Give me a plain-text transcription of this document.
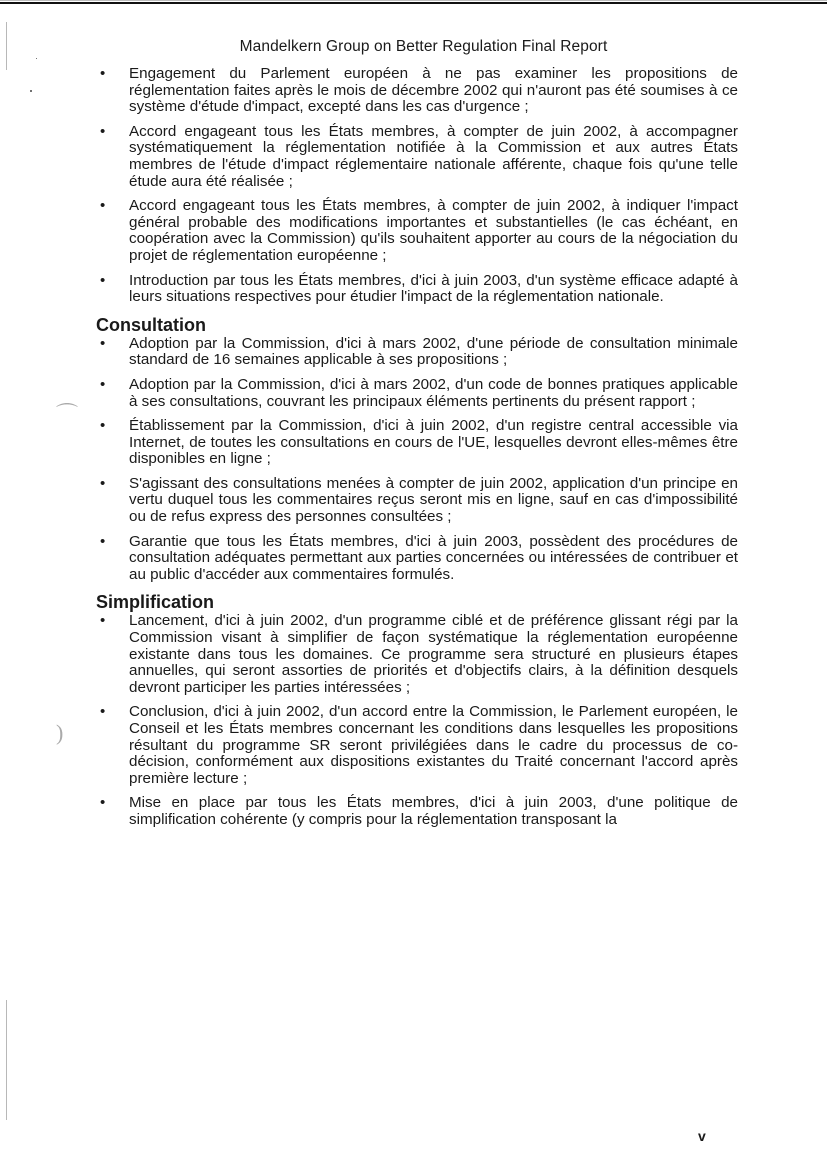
⌒
)
Mandelkern Group on Better Regulation Final Report
• Engagement du Parlement européen à ne pas examiner les propositions de réglementation faites après le mois de décembre 2002 qui n'auront pas été soumises à ce système d'étude d'impact, excepté dans les cas d'urgence ;
• Accord engageant tous les États membres, à compter de juin 2002, à accompagner systématiquement la réglementation notifiée à la Commission et aux autres États membres de l'étude d'impact réglementaire nationale afférente, chaque fois qu'une telle étude aura été réalisée ;
• Accord engageant tous les États membres, à compter de juin 2002, à indiquer l'impact général probable des modifications importantes et substantielles (le cas échéant, en coopération avec la Commission) qu'ils souhaitent apporter au cours de la négociation du projet de réglementation européenne ;
• Introduction par tous les États membres, d'ici à juin 2003, d'un système efficace adapté à leurs situations respectives pour étudier l'impact de la réglementation nationale.
Consultation
• Adoption par la Commission, d'ici à mars 2002, d'une période de consultation minimale standard de 16 semaines applicable à ses propositions ;
• Adoption par la Commission, d'ici à mars 2002, d'un code de bonnes pratiques applicable à ses consultations, couvrant les principaux éléments pertinents du présent rapport ;
• Établissement par la Commission, d'ici à juin 2002, d'un registre central accessible via Internet, de toutes les consultations en cours de l'UE, lesquelles devront elles-mêmes être disponibles en ligne ;
• S'agissant des consultations menées à compter de juin 2002, application d'un principe en vertu duquel tous les commentaires reçus seront mis en ligne, sauf en cas d'impossibilité ou de refus express des personnes consultées ;
• Garantie que tous les États membres, d'ici à juin 2003, possèdent des procédures de consultation adéquates permettant aux parties concernées ou intéressées de contribuer et au public d'accéder aux commentaires formulés.
Simplification
• Lancement, d'ici à juin 2002, d'un programme ciblé et de préférence glissant régi par la Commission visant à simplifier de façon systématique la réglementation européenne existante dans tous les domaines. Ce programme sera structuré en plusieurs étapes annuelles, qui seront assorties de priorités et d'objectifs clairs, à la définition desquels devront participer les parties intéressées ;
• Conclusion, d'ici à juin 2002, d'un accord entre la Commission, le Parlement européen, le Conseil et les États membres concernant les conditions dans lesquelles les propositions résultant du programme SR seront privilégiées dans le cadre du processus de co-décision, conformément aux dispositions existantes du Traité concernant l'accord après première lecture ;
• Mise en place par tous les États membres, d'ici à juin 2003, d'une politique de simplification cohérente (y compris pour la réglementation transposant la
v
